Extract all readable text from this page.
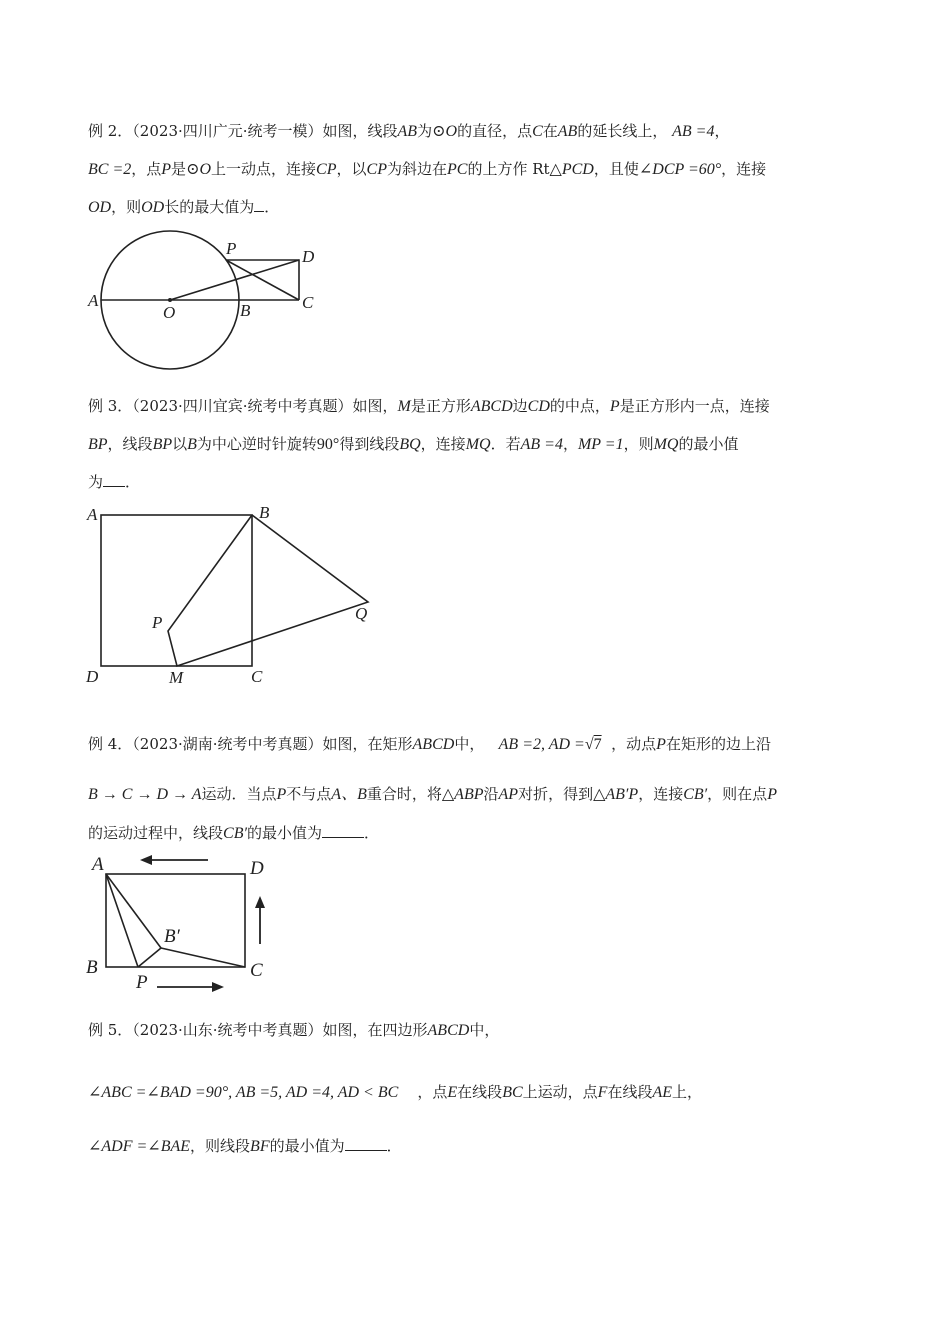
例 2．（2023·四川广元·统考一模）如图，线段AB为⊙O的直径，点C在AB的延长线上， AB =4，
BC =2，点P是⊙O上一动点，连接CP，以CP为斜边在PC的上方作 Rt△PCD，且使∠DCP =60°，连接
OD，则OD长的最大值为 ．
A
O	B	C
P	D
例 3．（2023·四川宜宾·统考中考真题）如图，M是正方形ABCD边CD的中点，P是正方形内一点，连接
BP，线段BP以B为中心逆时针旋转90°得到线段BQ，连接MQ．若AB =4，MP =1，则MQ的最小值
为 ．
A	B
P	Q
D	M	C
例 4．（2023·湖南·统考中考真题）如图，在矩形ABCD中， AB =2, AD =√7 ，动点P在矩形的边上沿
B → C → D → A运动．当点P不与点A、B重合时，将△ABP沿AP对折，得到△AB′P，连接CB′，则在点P
的运动过程中，线段CB′的最小值为	．
A	D
B′
B	C
P
例 5．（2023·山东·统考中考真题）如图，在四边形ABCD中，
∠ABC =∠BAD =90°, AB =5, AD =4, AD < BC ，点E在线段BC上运动，点F在线段AE上，
∠ADF =∠BAE，则线段BF的最小值为	．
